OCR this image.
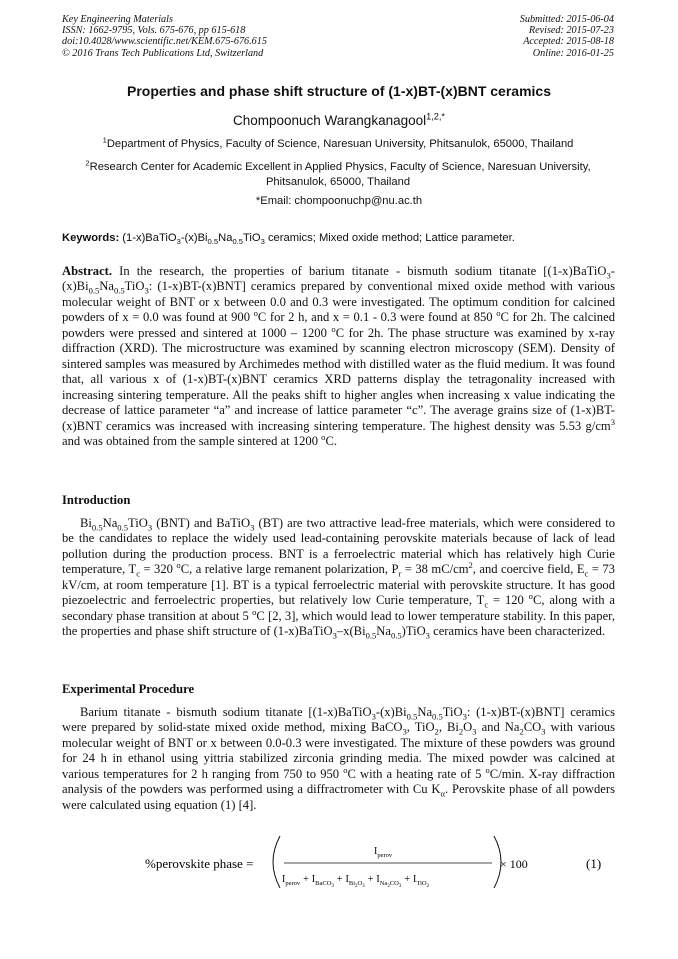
Key Engineering Materials
ISSN: 1662-9795, Vols. 675-676, pp 615-618
doi:10.4028/www.scientific.net/KEM.675-676.615
© 2016 Trans Tech Publications Ltd, Switzerland
Submitted: 2015-06-04
Revised: 2015-07-23
Accepted: 2015-08-18
Online: 2016-01-25
Properties and phase shift structure of (1-x)BT-(x)BNT ceramics
Chompoonuch Warangkanagool$^{1,2,*}$
$^1$Department of Physics, Faculty of Science, Naresuan University, Phitsanulok, 65000, Thailand
$^2$Research Center for Academic Excellent in Applied Physics, Faculty of Science, Naresuan University, Phitsanulok, 65000, Thailand
*Email: chompoonuchp@nu.ac.th
Keywords: $(1-x)BaTiO_3-(x)Bi_{0.5}Na_{0.5}TiO_3$ ceramics; Mixed oxide method; Lattice parameter.
Abstract. In the research, the properties of barium titanate - bismuth sodium titanate [$(1-x)BaTiO_3-(x)Bi_{0.5}Na_{0.5}TiO_3$: (1-x)BT-(x)BNT] ceramics prepared by conventional mixed oxide method with various molecular weight of BNT or x between 0.0 and 0.3 were investigated. The optimum condition for calcined powders of x = 0.0 was found at 900 $^o$C for 2 h, and x = 0.1 - 0.3 were found at 850 $^o$C for 2h. The calcined powders were pressed and sintered at 1000 – 1200 $^o$C for 2h. The phase structure was examined by x-ray diffraction (XRD). The microstructure was examined by scanning electron microscopy (SEM). Density of sintered samples was measured by Archimedes method with distilled water as the fluid medium. It was found that, all various x of (1-x)BT-(x)BNT ceramics XRD patterns display the tetragonality increased with increasing sintering temperature. All the peaks shift to higher angles when increasing x value indicating the decrease of lattice parameter “a” and increase of lattice parameter “c”. The average grains size of (1-x)BT-(x)BNT ceramics was increased with increasing sintering temperature. The highest density was 5.53 $g/cm^3$ and was obtained from the sample sintered at 1200 $^o$C.
Introduction
$Bi_{0.5}Na_{0.5}TiO_3$ (BNT) and BaTiO$_3$ (BT) are two attractive lead-free materials, which were considered to be the candidates to replace the widely used lead-containing perovskite materials because of lack of lead pollution during the production process. BNT is a ferroelectric material which has relatively high Curie temperature, $T_c = 320$ $^o$C, a relative large remanent polarization, $P_r = 38$ $mC/cm^2$, and coercive field, $E_c = 73$ kV/cm, at room temperature [1]. BT is a typical ferroelectric material with perovskite structure. It has good piezoelectric and ferroelectric properties, but relatively low Curie temperature, $T_c = 120$ $^o$C, along with a secondary phase transition at about 5 $^o$C [2, 3], which would lead to lower temperature stability. In this paper, the properties and phase shift structure of $(1-x)BaTiO_3-x(Bi_{0.5}Na_{0.5})TiO_3$ ceramics have been characterized.
Experimental Procedure
Barium titanate - bismuth sodium titanate [$(1-x)BaTiO_3-(x)Bi_{0.5}Na_{0.5}TiO_3$: (1-x)BT-(x)BNT] ceramics were prepared by solid-state mixed oxide method, mixing BaCO$_3$, TiO$_2$, $Bi_2O_3$ and $Na_2CO_3$ with various molecular weight of BNT or x between 0.0-0.3 were investigated. The mixture of these powders was ground for 24 h in ethanol using yittria stabilized zirconia grinding media. The mixed powder was calcined at various temperatures for 2 h ranging from 750 to 950 $^o$C with a heating rate of 5 $^o$C/min. X-ray diffraction analysis of the powders was performed using a diffractrometer with Cu $K_\alpha$. Perovskite phase of all powders were calculated using equation (1) [4].
%perovskite phase =
$I_{perov}$
$I_{perov} + I_{BaCO3}+ I_{Bi2}^O_3+ I_{Na2}^{CO}_3+ I_{TiO2}$
× 100	(1)
